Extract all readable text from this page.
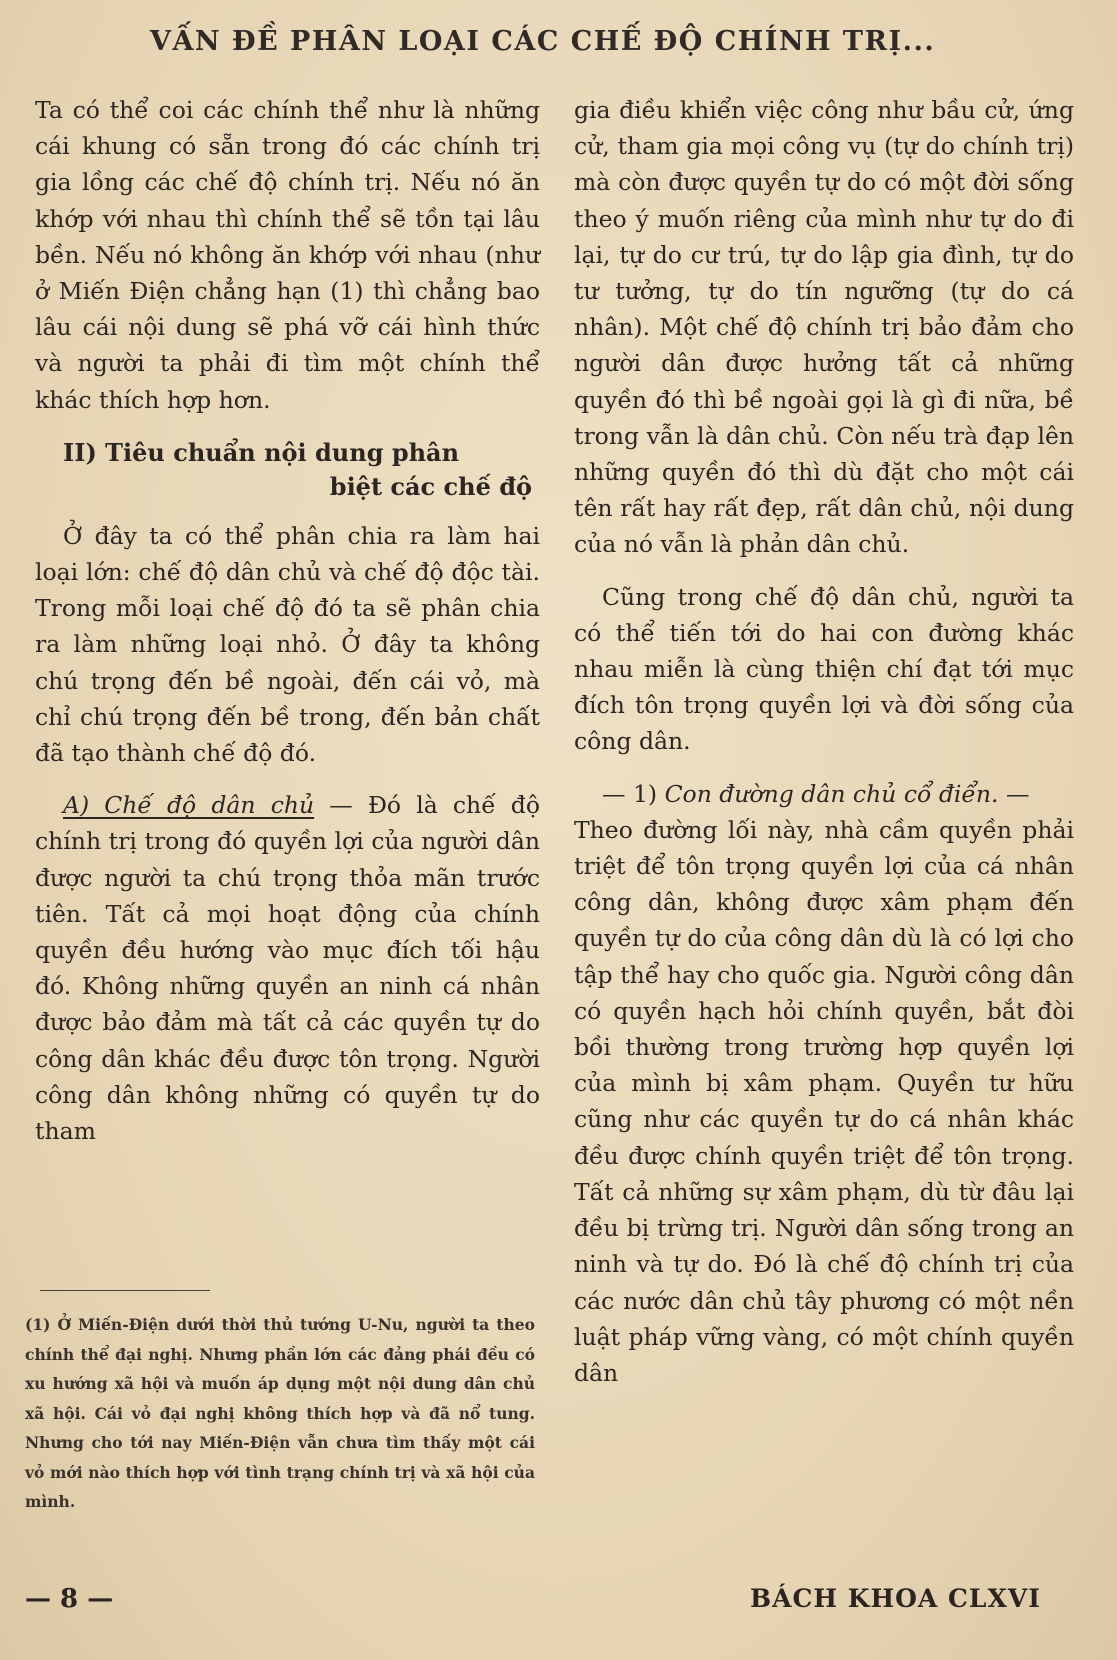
VẤN ĐỀ PHÂN LOẠI CÁC CHẾ ĐỘ CHÍNH TRỊ...

Ta có thể coi các chính thể như là những cái khung có sẵn trong đó các chính trị gia lồng các chế độ chính trị. Nếu nó ăn khớp với nhau thì chính thể sẽ tồn tại lâu bền. Nếu nó không ăn khớp với nhau (như ở Miến Điện chẳng hạn (1) thì chẳng bao lâu cái nội dung sẽ phá vỡ cái hình thức và người ta phải đi tìm một chính thể khác thích hợp hơn.

II) Tiêu chuẩn nội dung phân
biệt các chế độ

Ở đây ta có thể phân chia ra làm hai loại lớn: chế độ dân chủ và chế độ độc tài. Trong mỗi loại chế độ đó ta sẽ phân chia ra làm những loại nhỏ. Ở đây ta không chú trọng đến bề ngoài, đến cái vỏ, mà chỉ chú trọng đến bề trong, đến bản chất đã tạo thành chế độ đó.

A) Chế độ dân chủ — Đó là chế độ chính trị trong đó quyền lợi của người dân được người ta chú trọng thỏa mãn trước tiên. Tất cả mọi hoạt động của chính quyền đều hướng vào mục đích tối hậu đó. Không những quyền an ninh cá nhân được bảo đảm mà tất cả các quyền tự do công dân khác đều được tôn trọng. Người công dân không những có quyền tự do tham

(1) Ở Miến-Điện dưới thời thủ tướng U-Nu, người ta theo chính thể đại nghị. Nhưng phần lớn các đảng phái đều có xu hướng xã hội và muốn áp dụng một nội dung dân chủ xã hội. Cái vỏ đại nghị không thích hợp và đã nổ tung. Nhưng cho tới nay Miến-Điện vẫn chưa tìm thấy một cái vỏ mới nào thích hợp với tình trạng chính trị và xã hội của mình.

gia điều khiển việc công như bầu cử, ứng cử, tham gia mọi công vụ (tự do chính trị) mà còn được quyền tự do có một đời sống theo ý muốn riêng của mình như tự do đi lại, tự do cư trú, tự do lập gia đình, tự do tư tưởng, tự do tín ngưỡng (tự do cá nhân). Một chế độ chính trị bảo đảm cho người dân được hưởng tất cả những quyền đó thì bề ngoài gọi là gì đi nữa, bề trong vẫn là dân chủ. Còn nếu trà đạp lên những quyền đó thì dù đặt cho một cái tên rất hay rất đẹp, rất dân chủ, nội dung của nó vẫn là phản dân chủ.

Cũng trong chế độ dân chủ, người ta có thể tiến tới do hai con đường khác nhau miễn là cùng thiện chí đạt tới mục đích tôn trọng quyền lợi và đời sống của công dân.

— 1) Con đường dân chủ cổ điển. —

Theo đường lối này, nhà cầm quyền phải triệt để tôn trọng quyền lợi của cá nhân công dân, không được xâm phạm đến quyền tự do của công dân dù là có lợi cho tập thể hay cho quốc gia. Người công dân có quyền hạch hỏi chính quyền, bắt đòi bồi thường trong trường hợp quyền lợi của mình bị xâm phạm. Quyền tư hữu cũng như các quyền tự do cá nhân khác đều được chính quyền triệt để tôn trọng. Tất cả những sự xâm phạm, dù từ đâu lại đều bị trừng trị. Người dân sống trong an ninh và tự do. Đó là chế độ chính trị của các nước dân chủ tây phương có một nền luật pháp vững vàng, có một chính quyền dân

— 8 —	BÁCH KHOA CLXVI
